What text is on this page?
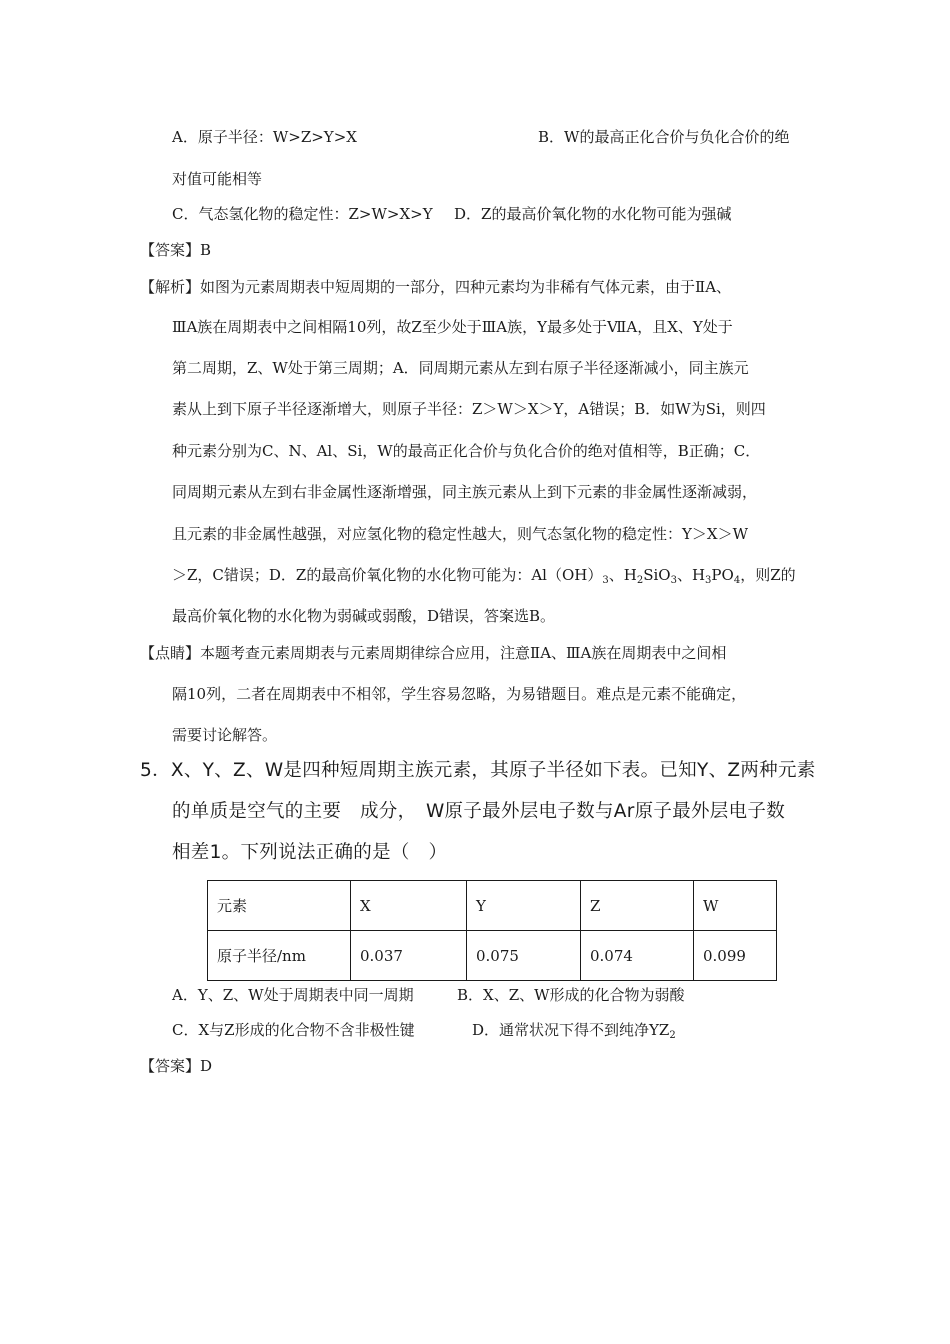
A．原子半径：W>Z>Y>X	B．W的最高正化合价与负化合价的绝
对值可能相等
C．气态氢化物的稳定性：Z>W>X>Y D．Z的最高价氧化物的水化物可能为强碱
【答案】B
【解析】如图为元素周期表中短周期的一部分，四种元素均为非稀有气体元素，由于ⅡA、
ⅢA族在周期表中之间相隔10列，故Z至少处于ⅢA族，Y最多处于ⅦA，且X、Y处于
第二周期，Z、W处于第三周期；A．同周期元素从左到右原子半径逐渐减小，同主族元
素从上到下原子半径逐渐增大，则原子半径：Z＞W＞X＞Y，A错误；B．如W为Si，则四
种元素分别为C、N、Al、Si，W的最高正化合价与负化合价的绝对值相等，B正确；C．
同周期元素从左到右非金属性逐渐增强，同主族元素从上到下元素的非金属性逐渐减弱，
且元素的非金属性越强，对应氢化物的稳定性越大，则气态氢化物的稳定性：Y＞X＞W
＞Z，C错误；D．Z的最高价氧化物的水化物可能为：$Al(OH)_3$、$H_2SiO_3$、$H_3PO_4$，则Z的
最高价氧化物的水化物为弱碱或弱酸，D错误，答案选B。
【点睛】本题考查元素周期表与元素周期律综合应用，注意ⅡA、ⅢA族在周期表中之间相
隔10列，二者在周期表中不相邻，学生容易忽略，为易错题目。难点是元素不能确定，
需要讨论解答。
5．X、Y、Z、W是四种短周期主族元素，其原子半径如下表。已知Y、Z两种元素
的单质是空气的主要　成分，　W原子最外层电子数与Ar原子最外层电子数
相差1。下列说法正确的是（　）
元素	X	Y	Z	W
原子半径/nm	0.037	0.075	0.074	0.099
A．Y、Z、W处于周期表中同一周期	B．X、Z、W形成的化合物为弱酸
C．X与Z形成的化合物不含非极性键	D．通常状况下得不到纯净$YZ_2$
【答案】D
